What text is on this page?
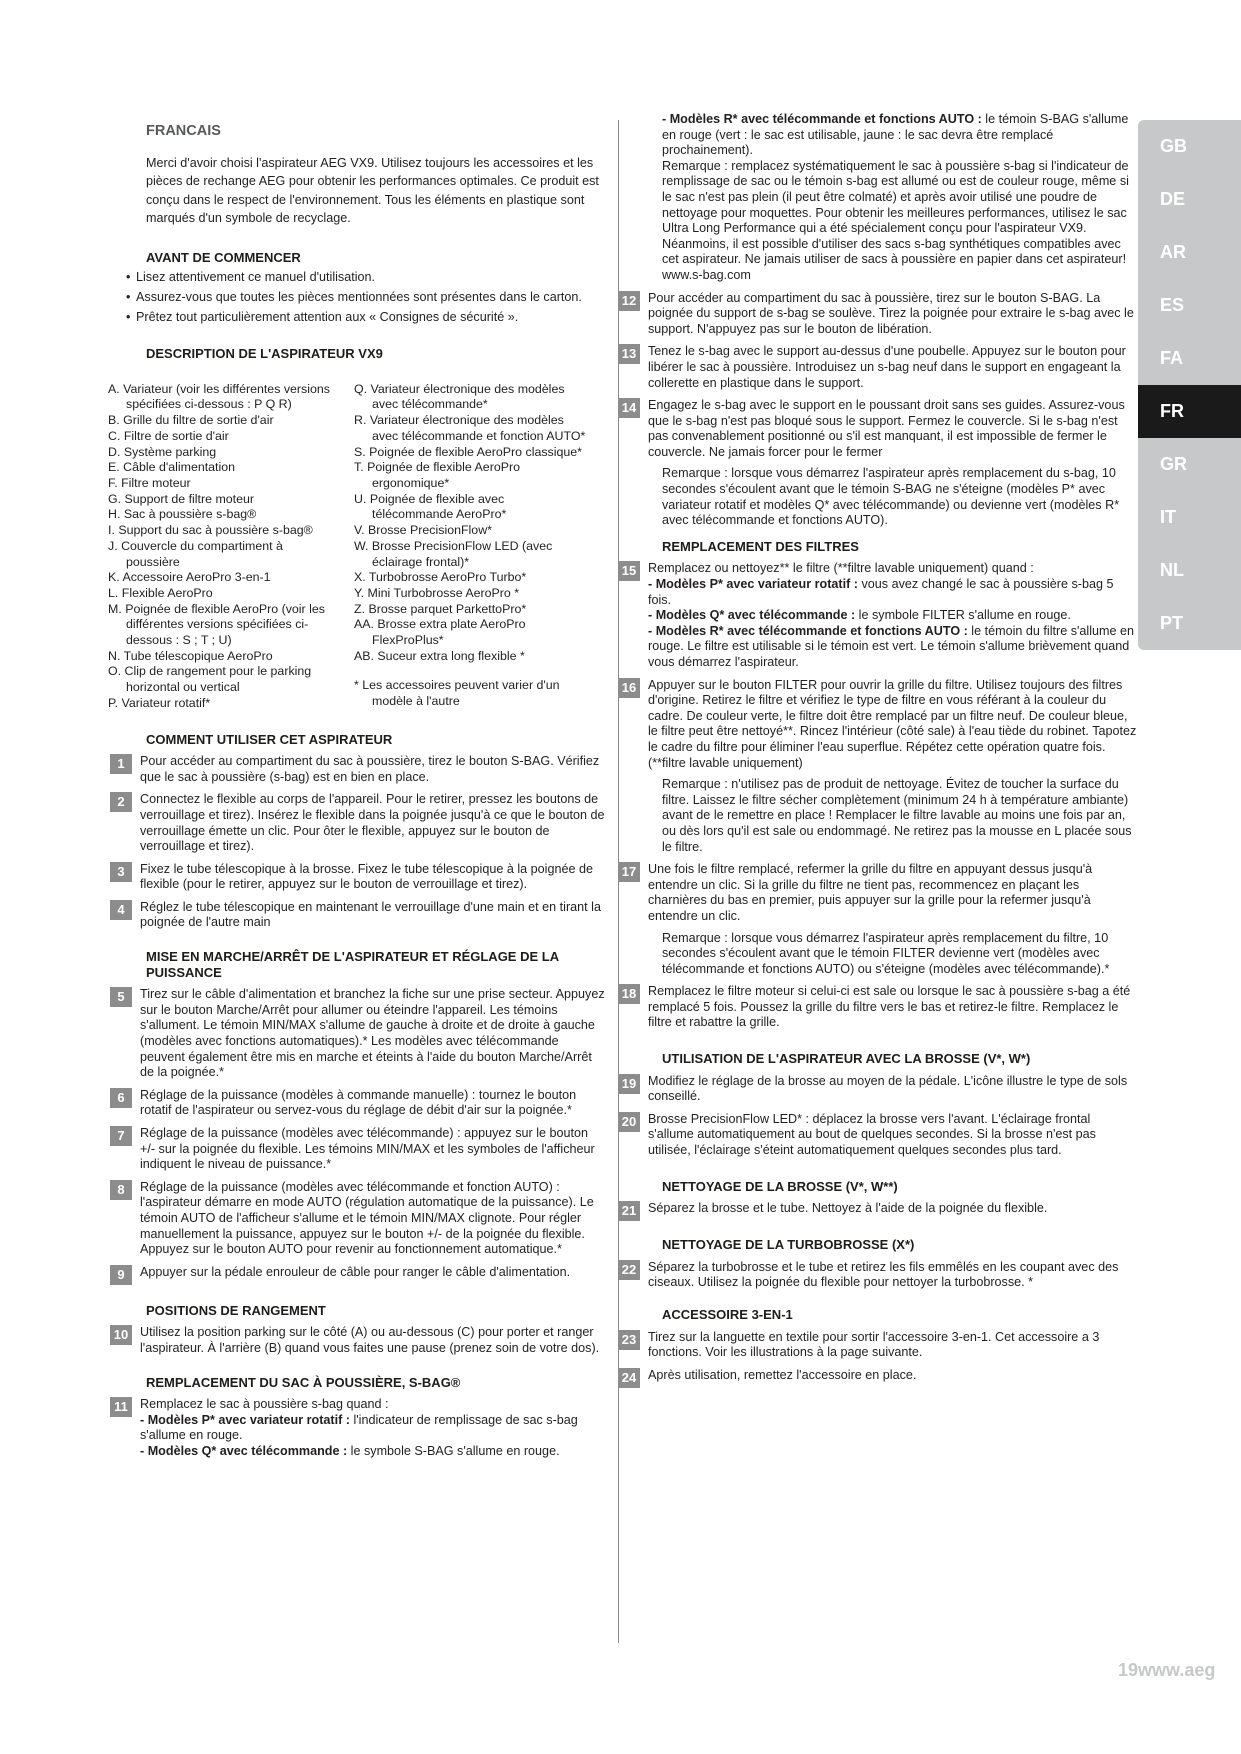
FRANCAIS

Merci d'avoir choisi l'aspirateur AEG VX9. Utilisez toujours les accessoires et les pièces de rechange AEG pour obtenir les performances optimales. Ce produit est conçu dans le respect de l'environnement. Tous les éléments en plastique sont marqués d'un symbole de recyclage.

AVANT DE COMMENCER
• Lisez attentivement ce manuel d'utilisation.
• Assurez-vous que toutes les pièces mentionnées sont présentes dans le carton.
• Prêtez tout particulièrement attention aux « Consignes de sécurité ».
DESCRIPTION DE L'ASPIRATEUR VX9
A. Variateur (voir les différentes versions spécifiées ci-dessous : P Q R)
B. Grille du filtre de sortie d'air
C. Filtre de sortie d'air
D. Système parking
E. Câble d'alimentation
F. Filtre moteur
G. Support de filtre moteur
H. Sac à poussière s-bag®
I. Support du sac à poussière s-bag®
J. Couvercle du compartiment à poussière
K. Accessoire AeroPro 3-en-1
L. Flexible AeroPro
M. Poignée de flexible AeroPro (voir les différentes versions spécifiées ci-dessous : S ; T ; U)
N. Tube télescopique AeroPro
O. Clip de rangement pour le parking horizontal ou vertical
P. Variateur rotatif*
Q. Variateur électronique des modèles avec télécommande*
R. Variateur électronique des modèles avec télécommande et fonction AUTO*
S. Poignée de flexible AeroPro classique*
T. Poignée de flexible AeroPro ergonomique*
U. Poignée de flexible avec télécommande AeroPro*
V. Brosse PrecisionFlow*
W. Brosse PrecisionFlow LED (avec éclairage frontal)*
X. Turbobrosse AeroPro Turbo*
Y. Mini Turbobrosse AeroPro *
Z. Brosse parquet ParkettoPro*
AA. Brosse extra plate AeroPro FlexProPlus*
AB. Suceur extra long flexible *
* Les accessoires peuvent varier d'un modèle à l'autre
COMMENT UTILISER CET ASPIRATEUR
1	Pour accéder au compartiment du sac à poussière, tirez le bouton S-BAG. Vérifiez que le sac à poussière (s-bag) est en bien en place.
2	Connectez le flexible au corps de l'appareil. Pour le retirer, pressez les boutons de verrouillage et tirez). Insérez le flexible dans la poignée jusqu'à ce que le bouton de verrouillage émette un clic. Pour ôter le flexible, appuyez sur le bouton de verrouillage et tirez).
3	Fixez le tube télescopique à la brosse. Fixez le tube télescopique à la poignée de flexible (pour le retirer, appuyez sur le bouton de verrouillage et tirez).
4	Réglez le tube télescopique en maintenant le verrouillage d'une main et en tirant la poignée de l'autre main
MISE EN MARCHE/ARRÊT DE L'ASPIRATEUR ET RÉGLAGE DE LA PUISSANCE
5	Tirez sur le câble d'alimentation et branchez la fiche sur une prise secteur. Appuyez sur le bouton Marche/Arrêt pour allumer ou éteindre l'appareil. Les témoins s'allument. Le témoin MIN/MAX s'allume de gauche à droite et de droite à gauche (modèles avec fonctions automatiques).* Les modèles avec télécommande peuvent également être mis en marche et éteints à l'aide du bouton Marche/Arrêt de la poignée.*
6	Réglage de la puissance (modèles à commande manuelle) : tournez le bouton rotatif de l'aspirateur ou servez-vous du réglage de débit d'air sur la poignée.*
7	Réglage de la puissance (modèles avec télécommande) : appuyez sur le bouton +/- sur la poignée du flexible. Les témoins MIN/MAX et les symboles de l'afficheur indiquent le niveau de puissance.*
8	Réglage de la puissance (modèles avec télécommande et fonction AUTO) : l'aspirateur démarre en mode AUTO (régulation automatique de la puissance). Le témoin AUTO de l'afficheur s'allume et le témoin MIN/MAX clignote. Pour régler manuellement la puissance, appuyez sur le bouton +/- de la poignée du flexible. Appuyez sur le bouton AUTO pour revenir au fonctionnement automatique.*
9	Appuyer sur la pédale enrouleur de câble pour ranger le câble d'alimentation.
POSITIONS DE RANGEMENT
10 Utilisez la position parking sur le côté (A) ou au-dessous (C) pour porter et ranger l'aspirateur. À l'arrière (B) quand vous faites une pause (prenez soin de votre dos).
REMPLACEMENT DU SAC À POUSSIÈRE, S-BAG®
11 Remplacez le sac à poussière s-bag quand :
- Modèles P* avec variateur rotatif : l'indicateur de remplissage de sac s-bag s'allume en rouge.
- Modèles Q* avec télécommande : le symbole S-BAG s'allume en rouge.
- Modèles R* avec télécommande et fonctions AUTO : le témoin S-BAG s'allume en rouge (vert : le sac est utilisable, jaune : le sac devra être remplacé prochainement).
Remarque : remplacez systématiquement le sac à poussière s-bag si l'indicateur de remplissage de sac ou le témoin s-bag est allumé ou est de couleur rouge, même si le sac n'est pas plein (il peut être colmaté) et après avoir utilisé une poudre de nettoyage pour moquettes. Pour obtenir les meilleures performances, utilisez le sac Ultra Long Performance qui a été spécialement conçu pour l'aspirateur VX9. Néanmoins, il est possible d'utiliser des sacs s-bag synthétiques compatibles avec cet aspirateur. Ne jamais utiliser de sacs à poussière en papier dans cet aspirateur! www.s-bag.com
12 Pour accéder au compartiment du sac à poussière, tirez sur le bouton S-BAG. La poignée du support de s-bag se soulève. Tirez la poignée pour extraire le s-bag avec le support. N'appuyez pas sur le bouton de libération.
13 Tenez le s-bag avec le support au-dessus d'une poubelle. Appuyez sur le bouton pour libérer le sac à poussière. Introduisez un s-bag neuf dans le support en engageant la collerette en plastique dans le support.
14 Engagez le s-bag avec le support en le poussant droit sans ses guides. Assurez-vous que le s-bag n'est pas bloqué sous le support. Fermez le couvercle. Si le s-bag n'est pas convenablement positionné ou s'il est manquant, il est impossible de fermer le couvercle. Ne jamais forcer pour le fermer
Remarque : lorsque vous démarrez l'aspirateur après remplacement du s-bag, 10 secondes s'écoulent avant que le témoin S-BAG ne s'éteigne (modèles P* avec variateur rotatif et modèles Q* avec télécommande) ou devienne vert (modèles R* avec télécommande et fonctions AUTO).
REMPLACEMENT DES FILTRES
15 Remplacez ou nettoyez** le filtre (**filtre lavable uniquement) quand :
- Modèles P* avec variateur rotatif : vous avez changé le sac à poussière s-bag 5 fois.
- Modèles Q* avec télécommande : le symbole FILTER s'allume en rouge.
- Modèles R* avec télécommande et fonctions AUTO : le témoin du filtre s'allume en rouge. Le filtre est utilisable si le témoin est vert. Le témoin s'allume brièvement quand vous démarrez l'aspirateur.
16 Appuyer sur le bouton FILTER pour ouvrir la grille du filtre. Utilisez toujours des filtres d'origine. Retirez le filtre et vérifiez le type de filtre en vous référant à la couleur du cadre. De couleur verte, le filtre doit être remplacé par un filtre neuf. De couleur bleue, le filtre peut être nettoyé**. Rincez l'intérieur (côté sale) à l'eau tiède du robinet. Tapotez le cadre du filtre pour éliminer l'eau superflue. Répétez cette opération quatre fois. (**filtre lavable uniquement)
Remarque : n'utilisez pas de produit de nettoyage. Évitez de toucher la surface du filtre. Laissez le filtre sécher complètement (minimum 24 h à température ambiante) avant de le remettre en place ! Remplacer le filtre lavable au moins une fois par an, ou dès lors qu'il est sale ou endommagé. Ne retirez pas la mousse en L placée sous le filtre.
17 Une fois le filtre remplacé, refermer la grille du filtre en appuyant dessus jusqu'à entendre un clic. Si la grille du filtre ne tient pas, recommencez en plaçant les charnières du bas en premier, puis appuyer sur la grille pour la refermer jusqu'à entendre un clic.
Remarque : lorsque vous démarrez l'aspirateur après remplacement du filtre, 10 secondes s'écoulent avant que le témoin FILTER devienne vert (modèles avec télécommande et fonctions AUTO) ou s'éteigne (modèles avec télécommande).*
18 Remplacez le filtre moteur si celui-ci est sale ou lorsque le sac à poussière s-bag a été remplacé 5 fois. Poussez la grille du filtre vers le bas et retirez-le filtre. Remplacez le filtre et rabattre la grille.
UTILISATION DE L'ASPIRATEUR AVEC LA BROSSE (V*, W*)
19 Modifiez le réglage de la brosse au moyen de la pédale. L'icône illustre le type de sols conseillé.
20 Brosse PrecisionFlow LED* : déplacez la brosse vers l'avant. L'éclairage frontal s'allume automatiquement au bout de quelques secondes. Si la brosse n'est pas utilisée, l'éclairage s'éteint automatiquement quelques secondes plus tard.
NETTOYAGE DE LA BROSSE (V*, W**)
21 Séparez la brosse et le tube. Nettoyez à l'aide de la poignée du flexible.
NETTOYAGE DE LA TURBOBROSSE (X*)
22 Séparez la turbobrosse et le tube et retirez les fils emmêlés en les coupant avec des ciseaux. Utilisez la poignée du flexible pour nettoyer la turbobrosse. *
ACCESSOIRE 3-EN-1
23 Tirez sur la languette en textile pour sortir l'accessoire 3-en-1. Cet accessoire a 3 fonctions. Voir les illustrations à la page suivante.
24 Après utilisation, remettez l'accessoire en place.
GB
DE
AR
ES
FA
FR
GR
IT
NL
PT
19www.aeg
